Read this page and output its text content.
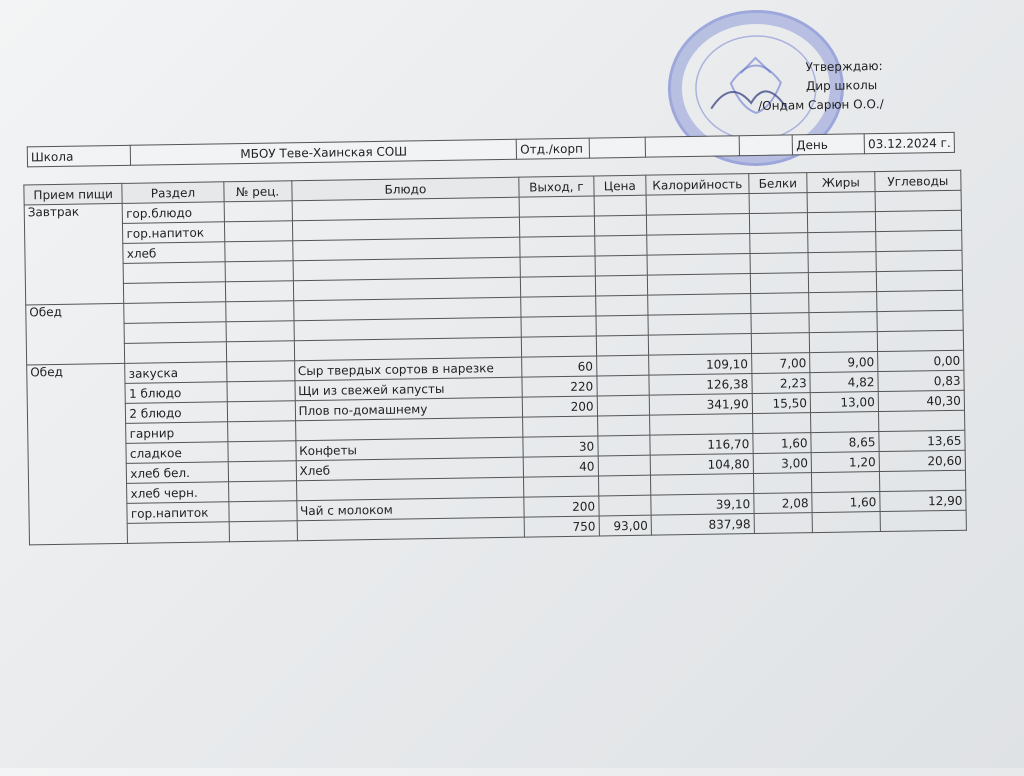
Утверждаю:
Дир школы
/Ондам Сарюн О.О./
Школа	МБОУ Теве-Хаинская СОШ	Отд./корп				День	03.12.2024 г.
Прием пищи	Раздел	№ рец.	Блюдо	Выход, г	Цена	Калорийность	Белки	Жиры	Углеводы
Завтрак	гор.блюдо								
	гор.напиток								
	хлеб								

Обед									

Обед	закуска		Сыр твердых сортов в нарезке	60		109,10	7,00	9,00	0,00
	1 блюдо		Щи из свежей капусты	220		126,38	2,23	4,82	0,83
	2 блюдо		Плов по-домашнему	200		341,90	15,50	13,00	40,30
	гарнир								
	сладкое		Конфеты	30		116,70	1,60	8,65	13,65
	хлеб бел.		Хлеб	40		104,80	3,00	1,20	20,60
	хлеб черн.								
	гор.напиток		Чай с молоком	200		39,10	2,08	1,60	12,90
				750	93,00	837,98			
